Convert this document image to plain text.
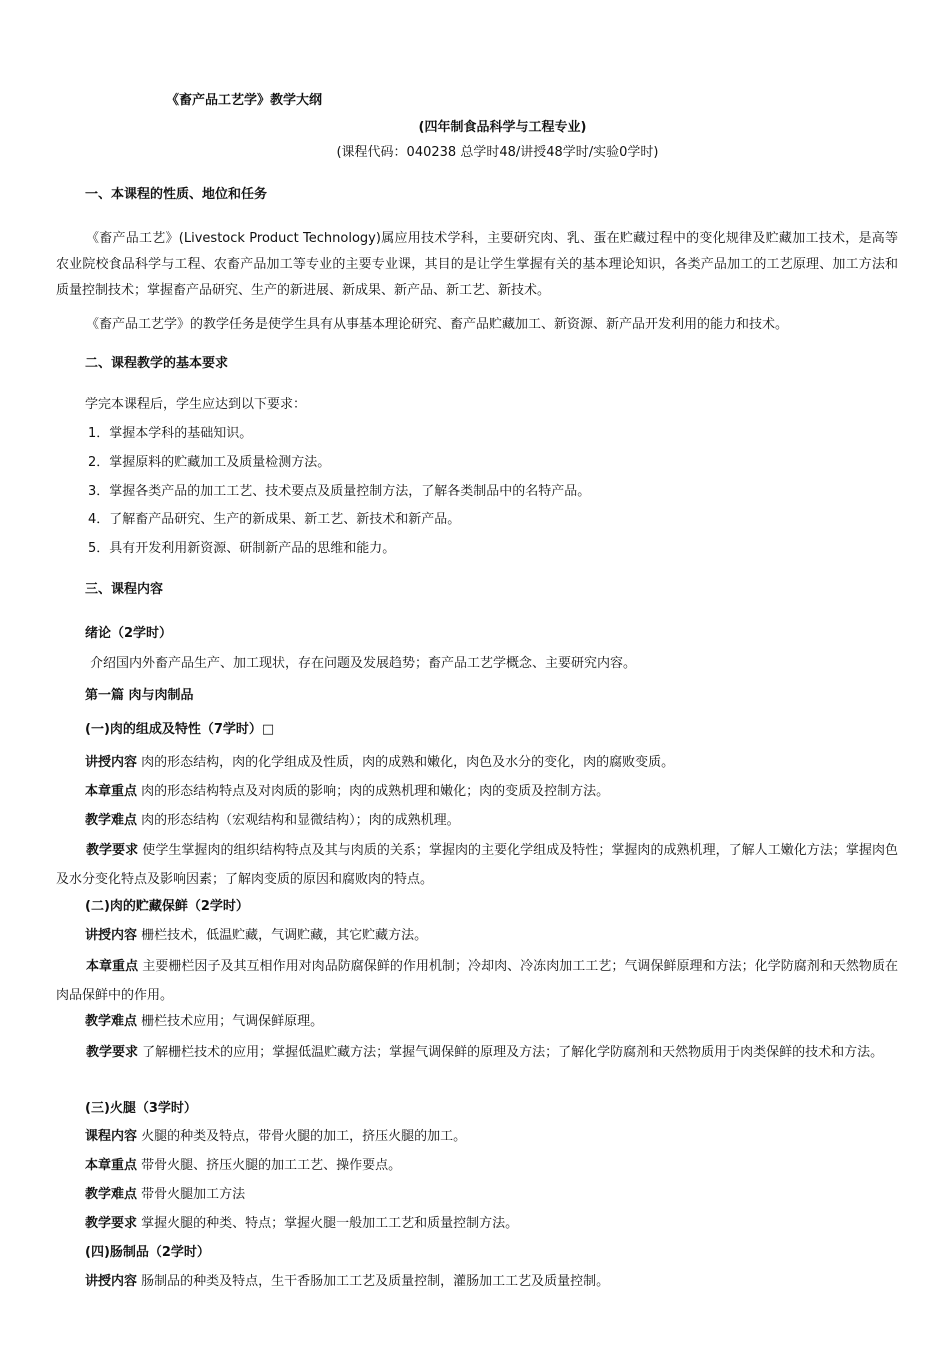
《畜产品工艺学》教学大纲
(四年制食品科学与工程专业)
(课程代码：040238 总学时48/讲授48学时/实验0学时)
一、本课程的性质、地位和任务
《畜产品工艺》(Livestock Product Technology)属应用技术学科，主要研究肉、乳、蛋在贮藏过程中的变化规律及贮藏加工技术，是高等农业院校食品科学与工程、农畜产品加工等专业的主要专业课，其目的是让学生掌握有关的基本理论知识，各类产品加工的工艺原理、加工方法和质量控制技术；掌握畜产品研究、生产的新进展、新成果、新产品、新工艺、新技术。
《畜产品工艺学》的教学任务是使学生具有从事基本理论研究、畜产品贮藏加工、新资源、新产品开发利用的能力和技术。
二、课程教学的基本要求
学完本课程后，学生应达到以下要求：
1．掌握本学科的基础知识。
2．掌握原料的贮藏加工及质量检测方法。
3．掌握各类产品的加工工艺、技术要点及质量控制方法，了解各类制品中的名特产品。
4．了解畜产品研究、生产的新成果、新工艺、新技术和新产品。
5．具有开发利用新资源、研制新产品的思维和能力。
三、课程内容
绪论（2学时）
介绍国内外畜产品生产、加工现状，存在问题及发展趋势；畜产品工艺学概念、主要研究内容。
第一篇 肉与肉制品
(一)肉的组成及特性（7学时）□
讲授内容 肉的形态结构，肉的化学组成及性质，肉的成熟和嫩化，肉色及水分的变化，肉的腐败变质。
本章重点 肉的形态结构特点及对肉质的影响；肉的成熟机理和嫩化；肉的变质及控制方法。
教学难点 肉的形态结构（宏观结构和显微结构）；肉的成熟机理。
教学要求 使学生掌握肉的组织结构特点及其与肉质的关系；掌握肉的主要化学组成及特性；掌握肉的成熟机理，了解人工嫩化方法；掌握肉色及水分变化特点及影响因素；了解肉变质的原因和腐败肉的特点。
(二)肉的贮藏保鲜（2学时）
讲授内容 栅栏技术，低温贮藏，气调贮藏，其它贮藏方法。
本章重点 主要栅栏因子及其互相作用对肉品防腐保鲜的作用机制；冷却肉、冷冻肉加工工艺；气调保鲜原理和方法；化学防腐剂和天然物质在肉品保鲜中的作用。
教学难点 栅栏技术应用；气调保鲜原理。
教学要求 了解栅栏技术的应用；掌握低温贮藏方法；掌握气调保鲜的原理及方法；了解化学防腐剂和天然物质用于肉类保鲜的技术和方法。
(三)火腿（3学时）
课程内容 火腿的种类及特点，带骨火腿的加工，挤压火腿的加工。
本章重点 带骨火腿、挤压火腿的加工工艺、操作要点。
教学难点 带骨火腿加工方法
教学要求 掌握火腿的种类、特点；掌握火腿一般加工工艺和质量控制方法。
(四)肠制品（2学时）
讲授内容 肠制品的种类及特点，生干香肠加工工艺及质量控制，灌肠加工工艺及质量控制。
